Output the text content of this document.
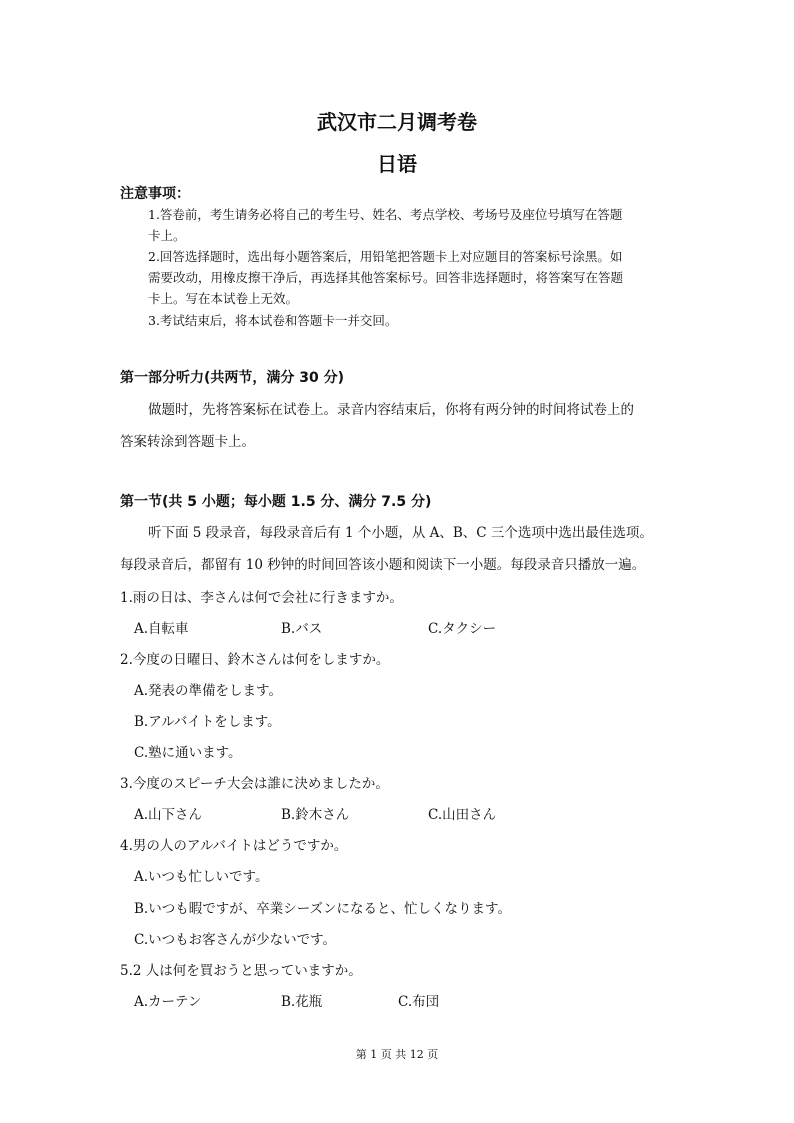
武汉市二月调考卷
日语
注意事项：
1.答卷前，考生请务必将自己的考生号、姓名、考点学校、考场号及座位号填写在答题
卡上。
2.回答选择题时，选出每小题答案后，用铅笔把答题卡上对应题目的答案标号涂黑。如
需要改动，用橡皮擦干净后，再选择其他答案标号。回答非选择题时，将答案写在答题
卡上。写在本试卷上无效。
3.考试结束后，将本试卷和答题卡一并交回。
第一部分听力(共两节，满分 30 分)
做题时，先将答案标在试卷上。录音内容结束后，你将有两分钟的时间将试卷上的
答案转涂到答题卡上。
第一节(共 5 小题；每小题 1.5 分、满分 7.5 分)
听下面 5 段录音，每段录音后有 1 个小题，从 A、B、C 三个选项中选出最佳选项。
每段录音后，都留有 10 秒钟的时间回答该小题和阅读下一小题。每段录音只播放一遍。
1.雨の日は、李さんは何で会社に行きますか。
A.自転車	B.バス	C.タクシー
2.今度の日曜日、鈴木さんは何をしますか。
A.発表の準備をします。
B.アルバイトをします。
C.塾に通います。
3.今度のスピーチ大会は誰に決めましたか。
A.山下さん	B.鈴木さん	C.山田さん
4.男の人のアルバイトはどうですか。
A.いつも忙しいです。
B.いつも暇ですが、卒業シーズンになると、忙しくなります。
C.いつもお客さんが少ないです。
5.2 人は何を買おうと思っていますか。
A.カーテン	B.花瓶	C.布団
第 1 页 共 12 页
